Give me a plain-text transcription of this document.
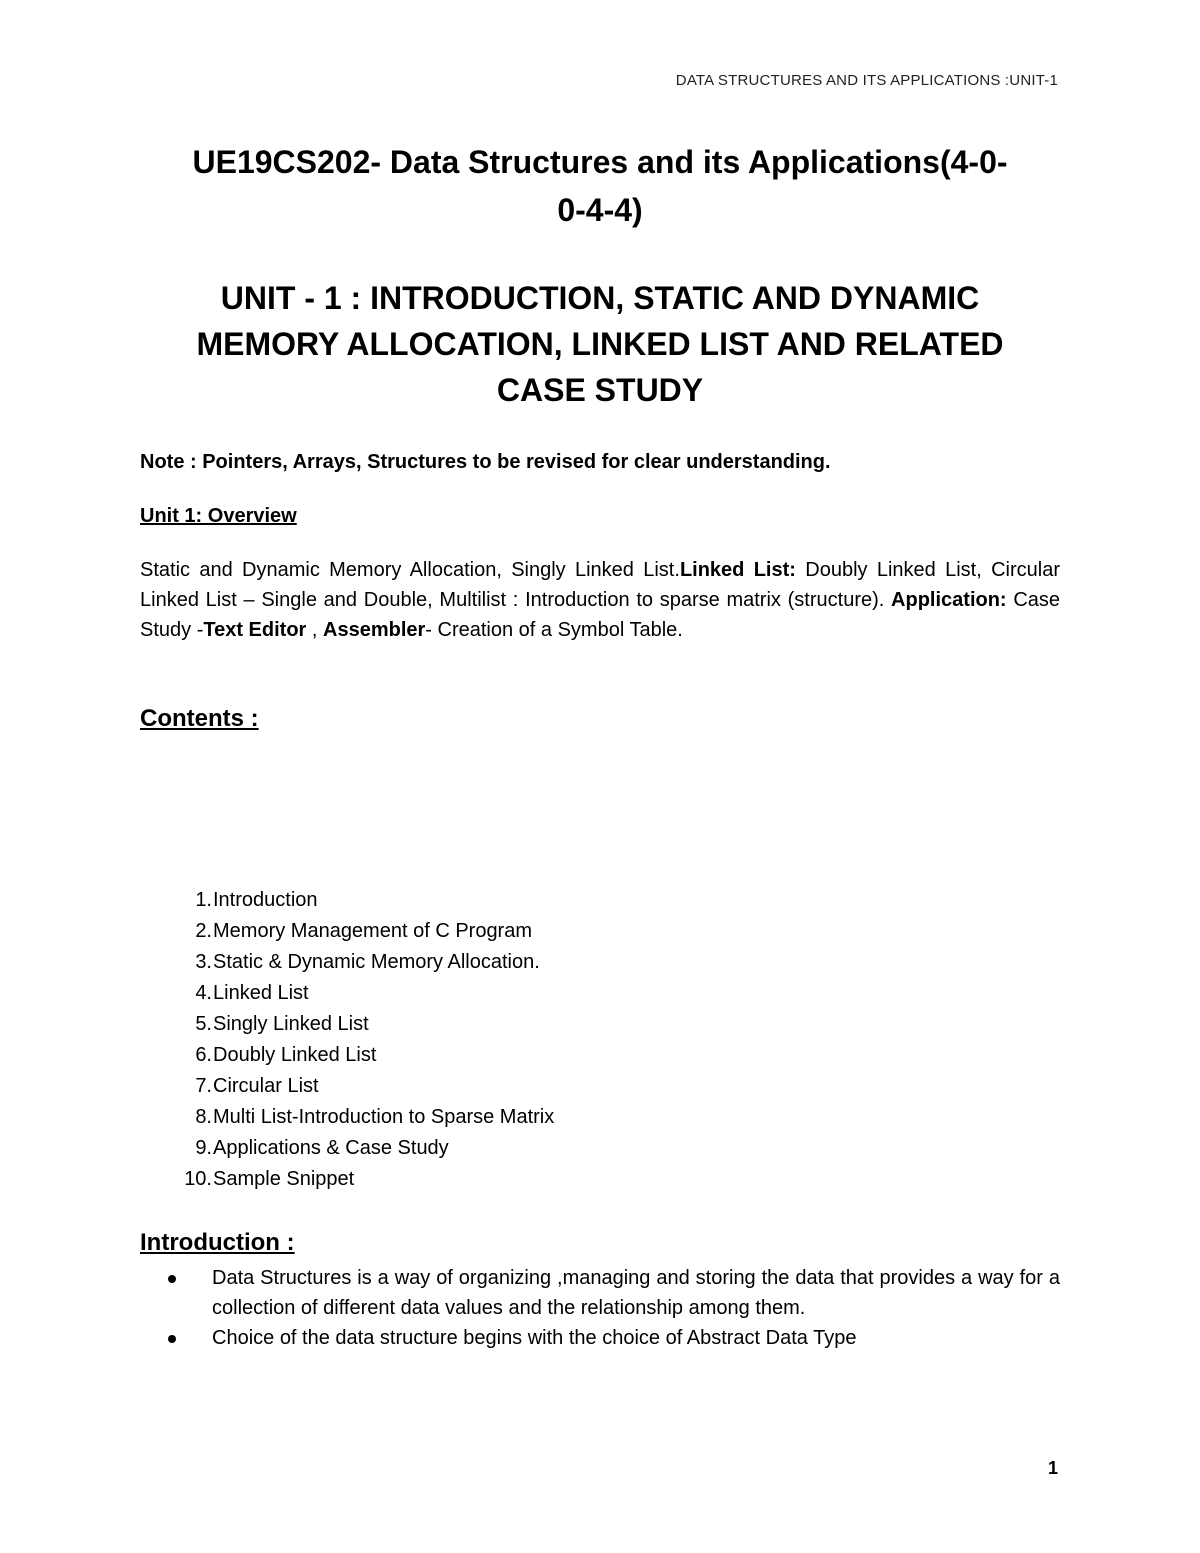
DATA STRUCTURES AND ITS APPLICATIONS :UNIT-1
UE19CS202- Data Structures and its Applications(4-0-
0-4-4)
UNIT - 1 : INTRODUCTION, STATIC AND DYNAMIC
MEMORY ALLOCATION, LINKED LIST AND RELATED
CASE STUDY
Note : Pointers, Arrays, Structures to be revised for clear understanding.
Unit 1: Overview

Static and Dynamic Memory Allocation, Singly Linked List.Linked List: Doubly Linked List, Circular Linked List – Single and Double, Multilist : Introduction to sparse matrix (structure). Application: Case Study -Text Editor , Assembler- Creation of a Symbol Table.

Contents :
1. Introduction
2. Memory Management of C Program
3. Static & Dynamic Memory Allocation.
4. Linked List
5. Singly Linked List
6. Doubly Linked List
7. Circular List
8. Multi List-Introduction to Sparse Matrix
9. Applications & Case Study
10. Sample Snippet
Introduction :
Data Structures is a way of organizing ,managing and storing the data that provides a way for a collection of different data values and the relationship among them.
Choice of the data structure begins with the choice of Abstract Data Type
1
